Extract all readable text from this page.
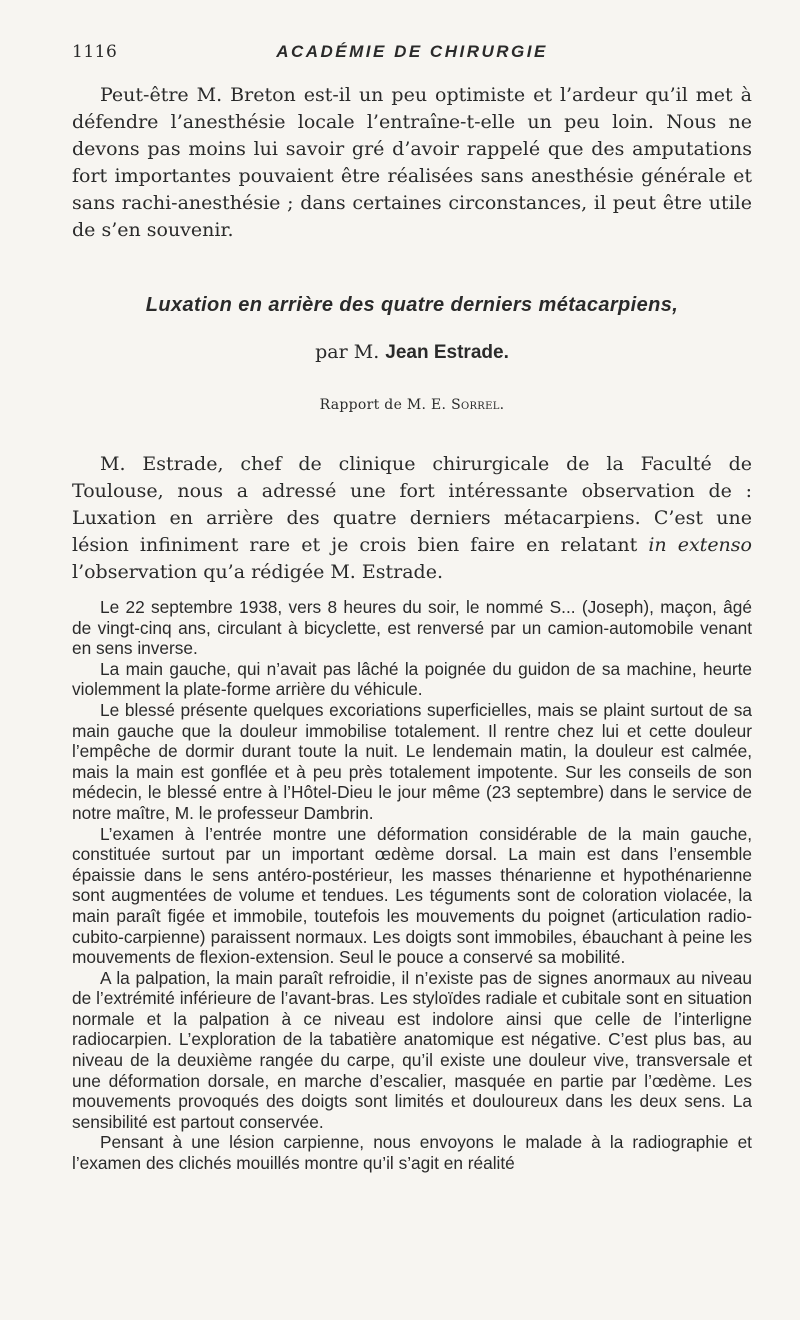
1116	ACADÉMIE DE CHIRURGIE

Peut-être M. Breton est-il un peu optimiste et l’ardeur qu’il met à défendre l’anesthésie locale l’entraîne-t-elle un peu loin. Nous ne devons pas moins lui savoir gré d’avoir rappelé que des amputations fort importantes pouvaient être réalisées sans anesthésie générale et sans rachi-anesthésie ; dans certaines circonstances, il peut être utile de s’en souvenir.

Luxation en arrière des quatre derniers métacarpiens,
par M. Jean Estrade.
Rapport de M. E. Sorrel.

M. Estrade, chef de clinique chirurgicale de la Faculté de Toulouse, nous a adressé une fort intéressante observation de : Luxation en arrière des quatre derniers métacarpiens. C’est une lésion infiniment rare et je crois bien faire en relatant in extenso l’observation qu’a rédigée M. Estrade.

Le 22 septembre 1938, vers 8 heures du soir, le nommé S... (Joseph), maçon, âgé de vingt-cinq ans, circulant à bicyclette, est renversé par un camion-automobile venant en sens inverse.

La main gauche, qui n’avait pas lâché la poignée du guidon de sa machine, heurte violemment la plate-forme arrière du véhicule.

Le blessé présente quelques excoriations superficielles, mais se plaint surtout de sa main gauche que la douleur immobilise totalement. Il rentre chez lui et cette douleur l’empêche de dormir durant toute la nuit. Le lendemain matin, la douleur est calmée, mais la main est gonflée et à peu près totalement impotente. Sur les conseils de son médecin, le blessé entre à l’Hôtel-Dieu le jour même (23 septembre) dans le service de notre maître, M. le professeur Dambrin.

L’examen à l’entrée montre une déformation considérable de la main gauche, constituée surtout par un important œdème dorsal. La main est dans l’ensemble épaissie dans le sens antéro-postérieur, les masses thénarienne et hypothénarienne sont augmentées de volume et tendues. Les téguments sont de coloration violacée, la main paraît figée et immobile, toutefois les mouvements du poignet (articulation radio-cubito-carpienne) paraissent normaux. Les doigts sont immobiles, ébauchant à peine les mouvements de flexion-extension. Seul le pouce a conservé sa mobilité.

A la palpation, la main paraît refroidie, il n’existe pas de signes anormaux au niveau de l’extrémité inférieure de l’avant-bras. Les styloïdes radiale et cubitale sont en situation normale et la palpation à ce niveau est indolore ainsi que celle de l’interligne radiocarpien. L’exploration de la tabatière anatomique est négative. C’est plus bas, au niveau de la deuxième rangée du carpe, qu’il existe une douleur vive, transversale et une déformation dorsale, en marche d’escalier, masquée en partie par l’œdème. Les mouvements provoqués des doigts sont limités et douloureux dans les deux sens. La sensibilité est partout conservée.

Pensant à une lésion carpienne, nous envoyons le malade à la radiographie et l’examen des clichés mouillés montre qu’il s’agit en réalité
